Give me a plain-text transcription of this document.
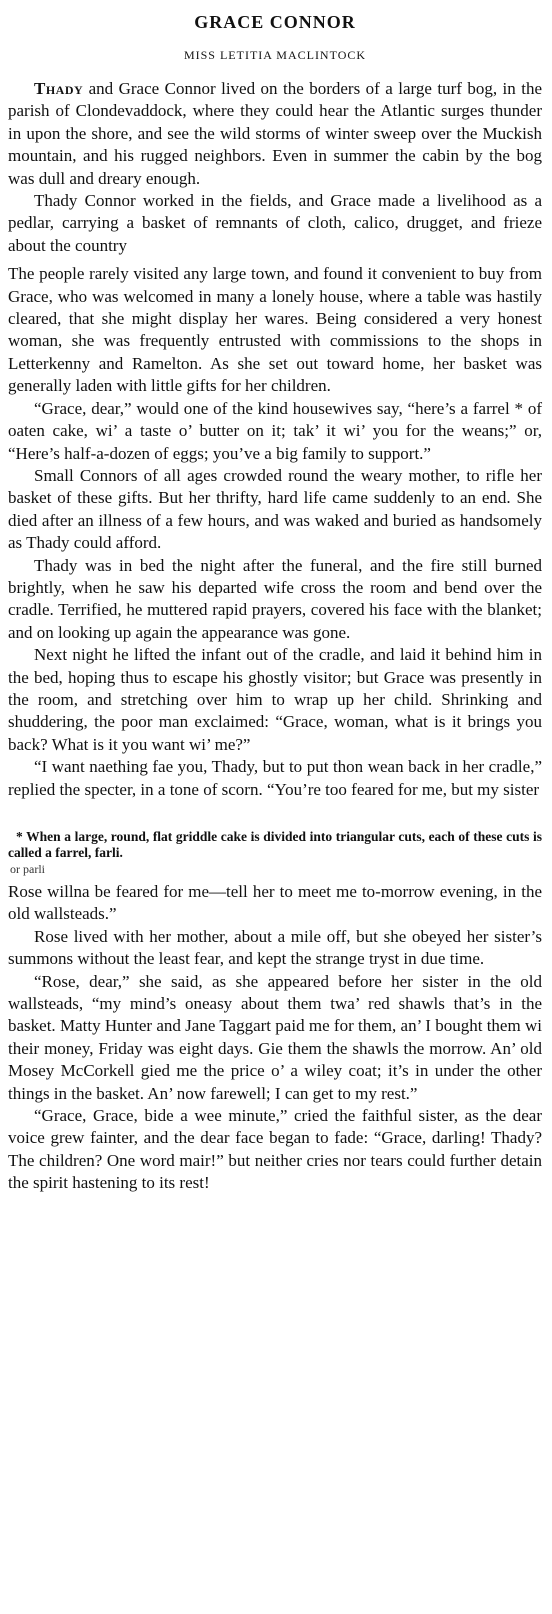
GRACE CONNOR
MISS LETITIA MACLINTOCK

Thady and Grace Connor lived on the borders of a large turf bog, in the parish of Clondevaddock, where they could hear the Atlantic surges thunder in upon the shore, and see the wild storms of winter sweep over the Muckish mountain, and his rugged neighbors. Even in summer the cabin by the bog was dull and dreary enough.

Thady Connor worked in the fields, and Grace made a livelihood as a pedlar, carrying a basket of remnants of cloth, calico, drugget, and frieze about the country

The people rarely visited any large town, and found it convenient to buy from Grace, who was welcomed in many a lonely house, where a table was hastily cleared, that she might display her wares. Being considered a very honest woman, she was frequently entrusted with commissions to the shops in Letterkenny and Ramelton. As she set out toward home, her basket was generally laden with little gifts for her children.

“Grace, dear,” would one of the kind housewives say, “here’s a farrel * of oaten cake, wi’ a taste o’ butter on it; tak’ it wi’ you for the weans;” or, “Here’s half-a-dozen of eggs; you’ve a big family to support.”

Small Connors of all ages crowded round the weary mother, to rifle her basket of these gifts. But her thrifty, hard life came suddenly to an end. She died after an illness of a few hours, and was waked and buried as handsomely as Thady could afford.

Thady was in bed the night after the funeral, and the fire still burned brightly, when he saw his departed wife cross the room and bend over the cradle. Terrified, he muttered rapid prayers, covered his face with the blanket; and on looking up again the appearance was gone.

Next night he lifted the infant out of the cradle, and laid it behind him in the bed, hoping thus to escape his ghostly visitor; but Grace was presently in the room, and stretching over him to wrap up her child. Shrinking and shuddering, the poor man exclaimed: “Grace, woman, what is it brings you back? What is it you want wi’ me?”

“I want naething fae you, Thady, but to put thon wean back in her cradle,” replied the specter, in a tone of scorn. “You’re too feared for me, but my sister

* When a large, round, flat griddle cake is divided into triangular cuts, each of these cuts is called a farrel, farli.

or parli

Rose willna be feared for me—tell her to meet me to-morrow evening, in the old wallsteads.”

Rose lived with her mother, about a mile off, but she obeyed her sister’s summons without the least fear, and kept the strange tryst in due time.

“Rose, dear,” she said, as she appeared before her sister in the old wallsteads, “my mind’s oneasy about them twa’ red shawls that’s in the basket. Matty Hunter and Jane Taggart paid me for them, an’ I bought them wi their money, Friday was eight days. Gie them the shawls the morrow. An’ old Mosey McCorkell gied me the price o’ a wiley coat; it’s in under the other things in the basket. An’ now farewell; I can get to my rest.”

“Grace, Grace, bide a wee minute,” cried the faithful sister, as the dear voice grew fainter, and the dear face began to fade: “Grace, darling! Thady? The children? One word mair!” but neither cries nor tears could further detain the spirit hastening to its rest!
